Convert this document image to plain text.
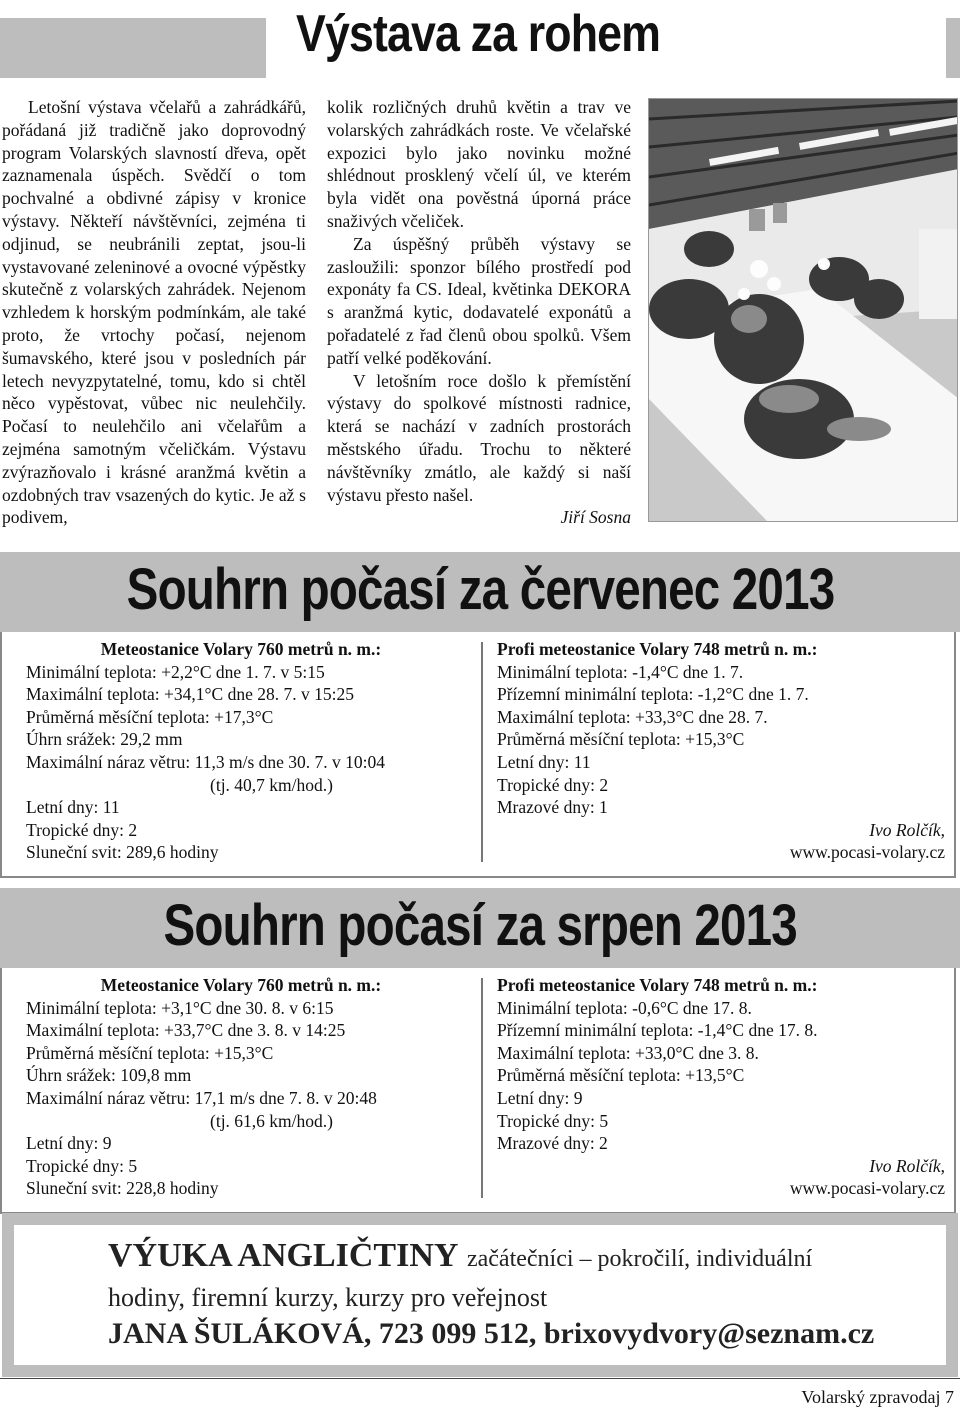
Výstava za rohem

Letošní výstava včelařů a zahrádkářů, pořádaná již tradičně jako doprovodný program Volarských slavností dřeva, opět zaznamenala úspěch. Svědčí o tom pochvalné a obdivné zápisy v kronice výstavy. Někteří návštěvníci, zejména ti odjinud, se neubránili zeptat, jsou-li vystavované zeleninové a ovocné výpěstky skutečně z volarských zahrádek. Nejenom vzhledem k horským podmínkám, ale také proto, že vrtochy počasí, nejenom šumavského, které jsou v posledních pár letech nevyzpytatelné, tomu, kdo si chtěl něco vypěstovat, vůbec nic neulehčily. Počasí to neulehčilo ani včelařům a zejména samotným včeličkám. Výstavu zvýrazňovalo i krásné aranžmá květin a ozdobných trav vsazených do kytic. Je až s podivem,

kolik rozličných druhů květin a trav ve volarských zahrádkách roste. Ve včelařské expozici bylo jako novinku možné shlédnout prosklený včelí úl, ve kterém byla vidět ona pověstná úporná práce snaživých včeliček.

Za úspěšný průběh výstavy se zasloužili: sponzor bílého prostředí pod exponáty fa CS. Ideal, květinka DEKORA s aranžmá kytic, dodavatelé exponátů a pořadatelé z řad členů obou spolků. Všem patří velké poděkování.

V letošním roce došlo k přemístění výstavy do spolkové místnosti radnice, která se nachází v zadních prostorách městského úřadu. Trochu to některé návštěvníky zmátlo, ale každý si naší výstavu přesto našel.

Jiří Sosna

Souhrn počasí za červenec 2013
Meteostanice Volary 760 metrů n. m.:
Minimální teplota: +2,2°C dne 1. 7. v 5:15
Maximální teplota: +34,1°C dne 28. 7. v 15:25
Průměrná měsíční teplota: +17,3°C
Úhrn srážek: 29,2 mm
Maximální náraz větru: 11,3 m/s dne 30. 7. v 10:04
(tj. 40,7 km/hod.)
Letní dny: 11
Tropické dny: 2
Sluneční svit: 289,6 hodiny
Profi meteostanice Volary 748 metrů n. m.:
Minimální teplota: -1,4°C dne 1. 7.
Přízemní minimální teplota: -1,2°C dne 1. 7.
Maximální teplota: +33,3°C dne 28. 7.
Průměrná měsíční teplota: +15,3°C
Letní dny: 11
Tropické dny: 2
Mrazové dny: 1
Ivo Rolčík,
www.pocasi-volary.cz
Souhrn počasí za srpen 2013
Meteostanice Volary 760 metrů n. m.:
Minimální teplota: +3,1°C dne 30. 8. v 6:15
Maximální teplota: +33,7°C dne 3. 8. v 14:25
Průměrná měsíční teplota: +15,3°C
Úhrn srážek: 109,8 mm
Maximální náraz větru: 17,1 m/s dne 7. 8. v 20:48
(tj. 61,6 km/hod.)
Letní dny: 9
Tropické dny: 5
Sluneční svit: 228,8 hodiny
Profi meteostanice Volary 748 metrů n. m.:
Minimální teplota: -0,6°C dne 17. 8.
Přízemní minimální teplota: -1,4°C dne 17. 8.
Maximální teplota: +33,0°C dne 3. 8.
Průměrná měsíční teplota: +13,5°C
Letní dny: 9
Tropické dny: 5
Mrazové dny: 2
Ivo Rolčík,
www.pocasi-volary.cz
VÝUKA ANGLIČTINY začátečníci – pokročilí, individuální
hodiny, firemní kurzy, kurzy pro veřejnost
JANA ŠULÁKOVÁ, 723 099 512, brixovydvory@seznam.cz
Volarský zpravodaj 7
